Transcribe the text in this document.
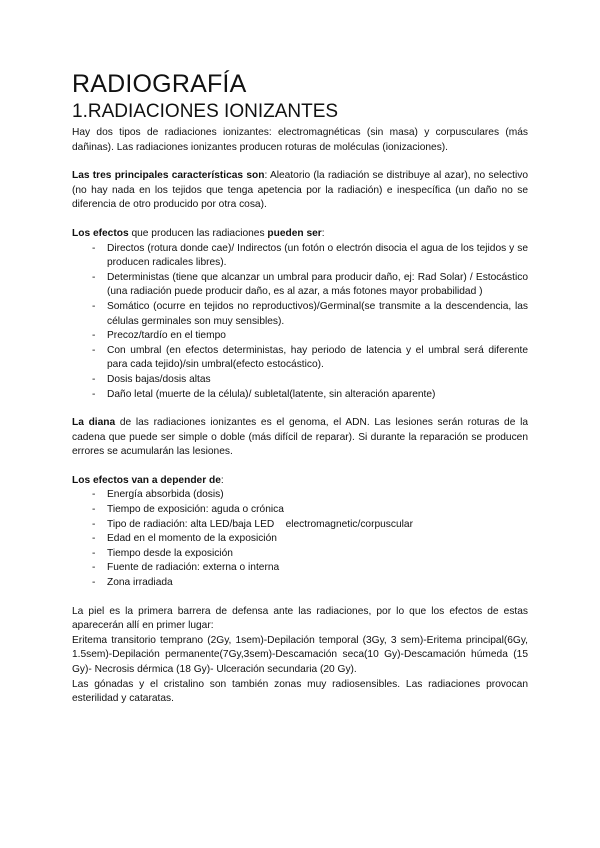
RADIOGRAFÍA
1.RADIACIONES IONIZANTES

Hay dos tipos de radiaciones ionizantes: electromagnéticas (sin masa) y corpusculares (más dañinas). Las radiaciones ionizantes producen roturas de moléculas (ionizaciones).

Las tres principales características son: Aleatorio (la radiación se distribuye al azar), no selectivo (no hay nada en los tejidos que tenga apetencia por la radiación) e inespecífica (un daño no se diferencia de otro producido por otra cosa).

Los efectos que producen las radiaciones pueden ser:

- Directos (rotura donde cae)/ Indirectos (un fotón o electrón disocia el agua de los tejidos y se producen radicales libres).
- Deterministas (tiene que alcanzar un umbral para producir daño, ej: Rad Solar) / Estocástico (una radiación puede producir daño, es al azar, a más fotones mayor probabilidad )
- Somático (ocurre en tejidos no reproductivos)/Germinal(se transmite a la descendencia, las células germinales son muy sensibles).
- Precoz/tardío en el tiempo
- Con umbral (en efectos deterministas, hay periodo de latencia y el umbral será diferente para cada tejido)/sin umbral(efecto estocástico).
- Dosis bajas/dosis altas
- Daño letal (muerte de la célula)/ subletal(latente, sin alteración aparente)

La diana de las radiaciones ionizantes es el genoma, el ADN. Las lesiones serán roturas de la cadena que puede ser simple o doble (más difícil de reparar). Si durante la reparación se producen errores se acumularán las lesiones.

Los efectos van a depender de:

- Energía absorbida (dosis)
- Tiempo de exposición: aguda o crónica
- Tipo de radiación: alta LED/baja LED    electromagnetic/corpuscular
- Edad en el momento de la exposición
- Tiempo desde la exposición
- Fuente de radiación: externa o interna
- Zona irradiada

La piel es la primera barrera de defensa ante las radiaciones, por lo que los efectos de estas aparecerán allí en primer lugar:

Eritema transitorio temprano (2Gy, 1sem)-Depilación temporal (3Gy, 3 sem)-Eritema principal(6Gy, 1.5sem)-Depilación permanente(7Gy,3sem)-Descamación seca(10 Gy)-Descamación húmeda (15 Gy)- Necrosis dérmica (18 Gy)- Ulceración secundaria (20 Gy).

Las gónadas y el cristalino son también zonas muy radiosensibles. Las radiaciones provocan esterilidad y cataratas.
